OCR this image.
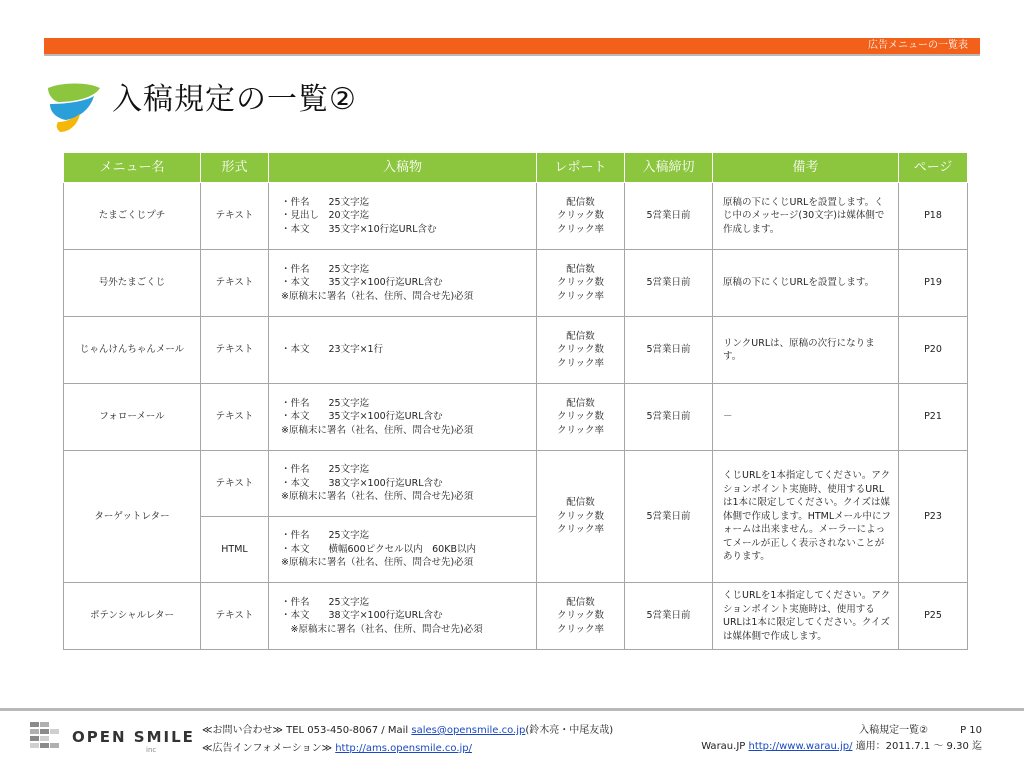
広告メニューの一覧表
入稿規定の一覧②
メニュー名	形式	入稿物	レポート	入稿締切	備考	ページ
たまごくじプチ	テキスト	・件名　　25文字迄
・見出し　20文字迄
・本文　　35文字×10行迄URL含む	配信数
クリック数
クリック率	5営業日前	原稿の下にくじURLを設置します。くじ中のメッセージ(30文字)は媒体側で作成します。	P18
号外たまごくじ	テキスト	・件名　　25文字迄
・本文　　35文字×100行迄URL含む
※原稿末に署名（社名、住所、問合せ先)必須	配信数
クリック数
クリック率	5営業日前	原稿の下にくじURLを設置します。	P19
じゃんけんちゃんメール	テキスト	・本文　　23文字×1行	配信数
クリック数
クリック率	5営業日前	リンクURLは、原稿の次行になります。	P20
フォローメール	テキスト	・件名　　25文字迄
・本文　　35文字×100行迄URL含む
※原稿末に署名（社名、住所、問合せ先)必須	配信数
クリック数
クリック率	5営業日前	－	P21
ターゲットレター	テキスト	・件名　　25文字迄
・本文　　38文字×100行迄URL含む
※原稿末に署名（社名、住所、問合せ先)必須	配信数
クリック数
クリック率	5営業日前	くじURLを1本指定してください。アクションポイント実施時、使用するURLは1本に限定してください。クイズは媒体側で作成します。HTMLメール中にフォームは出来ません。メーラーによってメールが正しく表示されないことがあります。	P23
	HTML	・件名　　25文字迄
・本文　　横幅600ピクセル以内　60KB以内
※原稿末に署名（社名、住所、問合せ先)必須				
ポテンシャルレター	テキスト	・件名　　25文字迄
・本文　　38文字×100行迄URL含む
　※原稿末に署名（社名、住所、問合せ先)必須	配信数
クリック数
クリック率	5営業日前	くじURLを1本指定してください。アクションポイント実施時は、使用するURLは1本に限定してください。クイズは媒体側で作成します。	P25
OPEN SMILE
inc
≪お問い合わせ≫ TEL 053-450-8067 / Mail sales@opensmile.co.jp(鈴木亮・中尾友哉)
≪広告インフォメーション≫ http://ams.opensmile.co.jp/
入稿規定一覧②	P 10
Warau.JP http://www.warau.jp/ 適用：2011.7.1 ～ 9.30 迄
